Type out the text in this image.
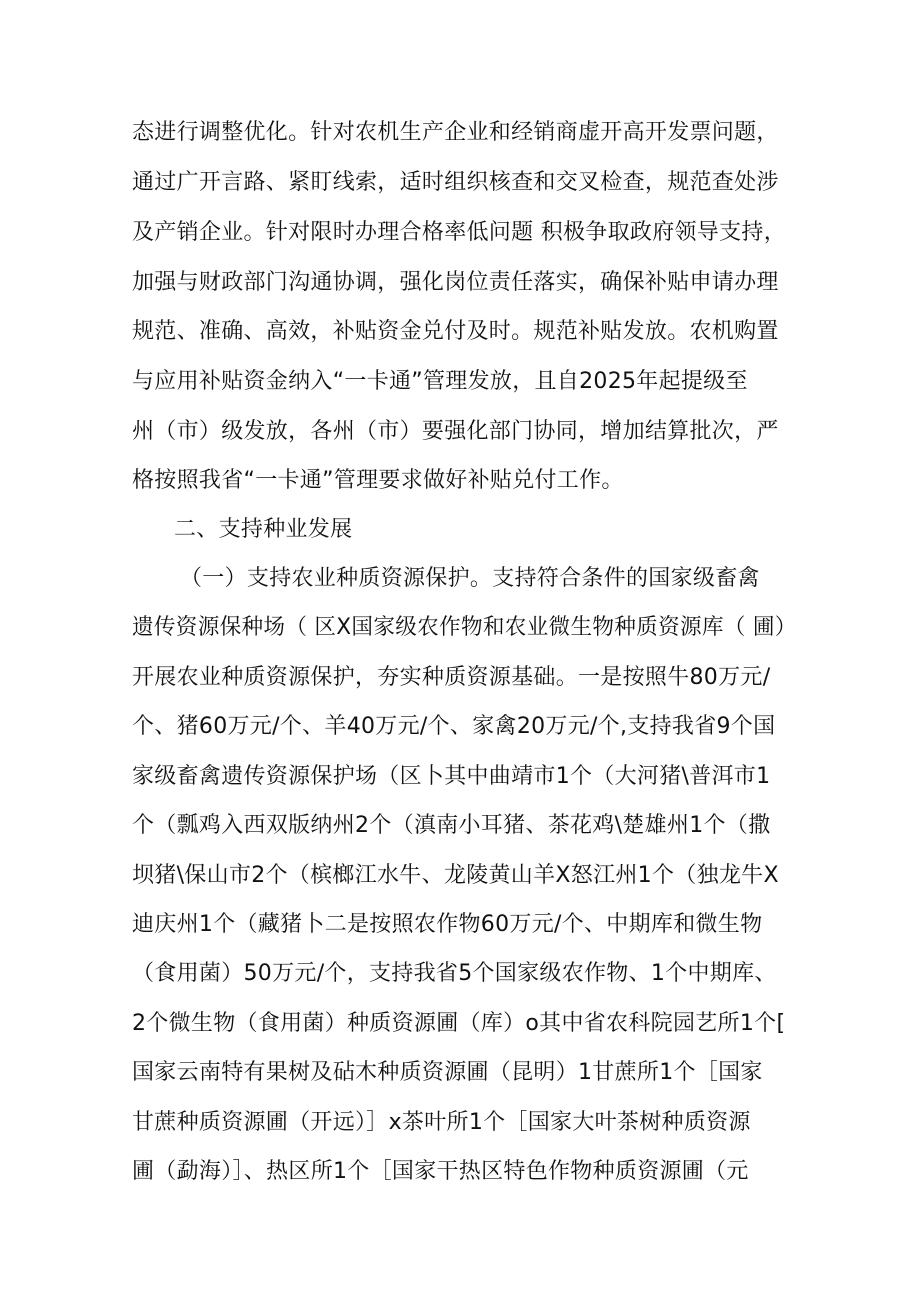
态进行调整优化。针对农机生产企业和经销商虚开高开发票问题，
通过广开言路、紧盯线索，适时组织核查和交叉检查，规范查处涉
及产销企业。针对限时办理合格率低问题 积极争取政府领导支持，
加强与财政部门沟通协调，强化岗位责任落实，确保补贴申请办理
规范、准确、高效，补贴资金兑付及时。规范补贴发放。农机购置
与应用补贴资金纳入“一卡通”管理发放，且自2025年起提级至
州（市）级发放，各州（市）要强化部门协同，增加结算批次，严
格按照我省“一卡通”管理要求做好补贴兑付工作。
二、支持种业发展
（一）支持农业种质资源保护。支持符合条件的国家级畜禽
遗传资源保种场（ 区X国家级农作物和农业微生物种质资源库（ 圃）
开展农业种质资源保护，夯实种质资源基础。一是按照牛80万元/
个、猪60万元/个、羊40万元/个、家禽20万元/个,支持我省9个国
家级畜禽遗传资源保护场（区卜其中曲靖市1个（大河猪\普洱市1
个（瓢鸡入西双版纳州2个（滇南小耳猪、茶花鸡\楚雄州1个（撒
坝猪\保山市2个（槟榔江水牛、龙陵黄山羊X怒江州1个（独龙牛X
迪庆州1个（藏猪卜二是按照农作物60万元/个、中期库和微生物
（食用菌）50万元/个，支持我省5个国家级农作物、1个中期库、
2个微生物（食用菌）种质资源圃（库）o其中省农科院园艺所1个[
国家云南特有果树及砧木种质资源圃（昆明）1甘蔗所1个［国家
甘蔗种质资源圃（开远）］x茶叶所1个［国家大叶茶树种质资源
圃（勐海）］、热区所1个［国家干热区特色作物种质资源圃（元
